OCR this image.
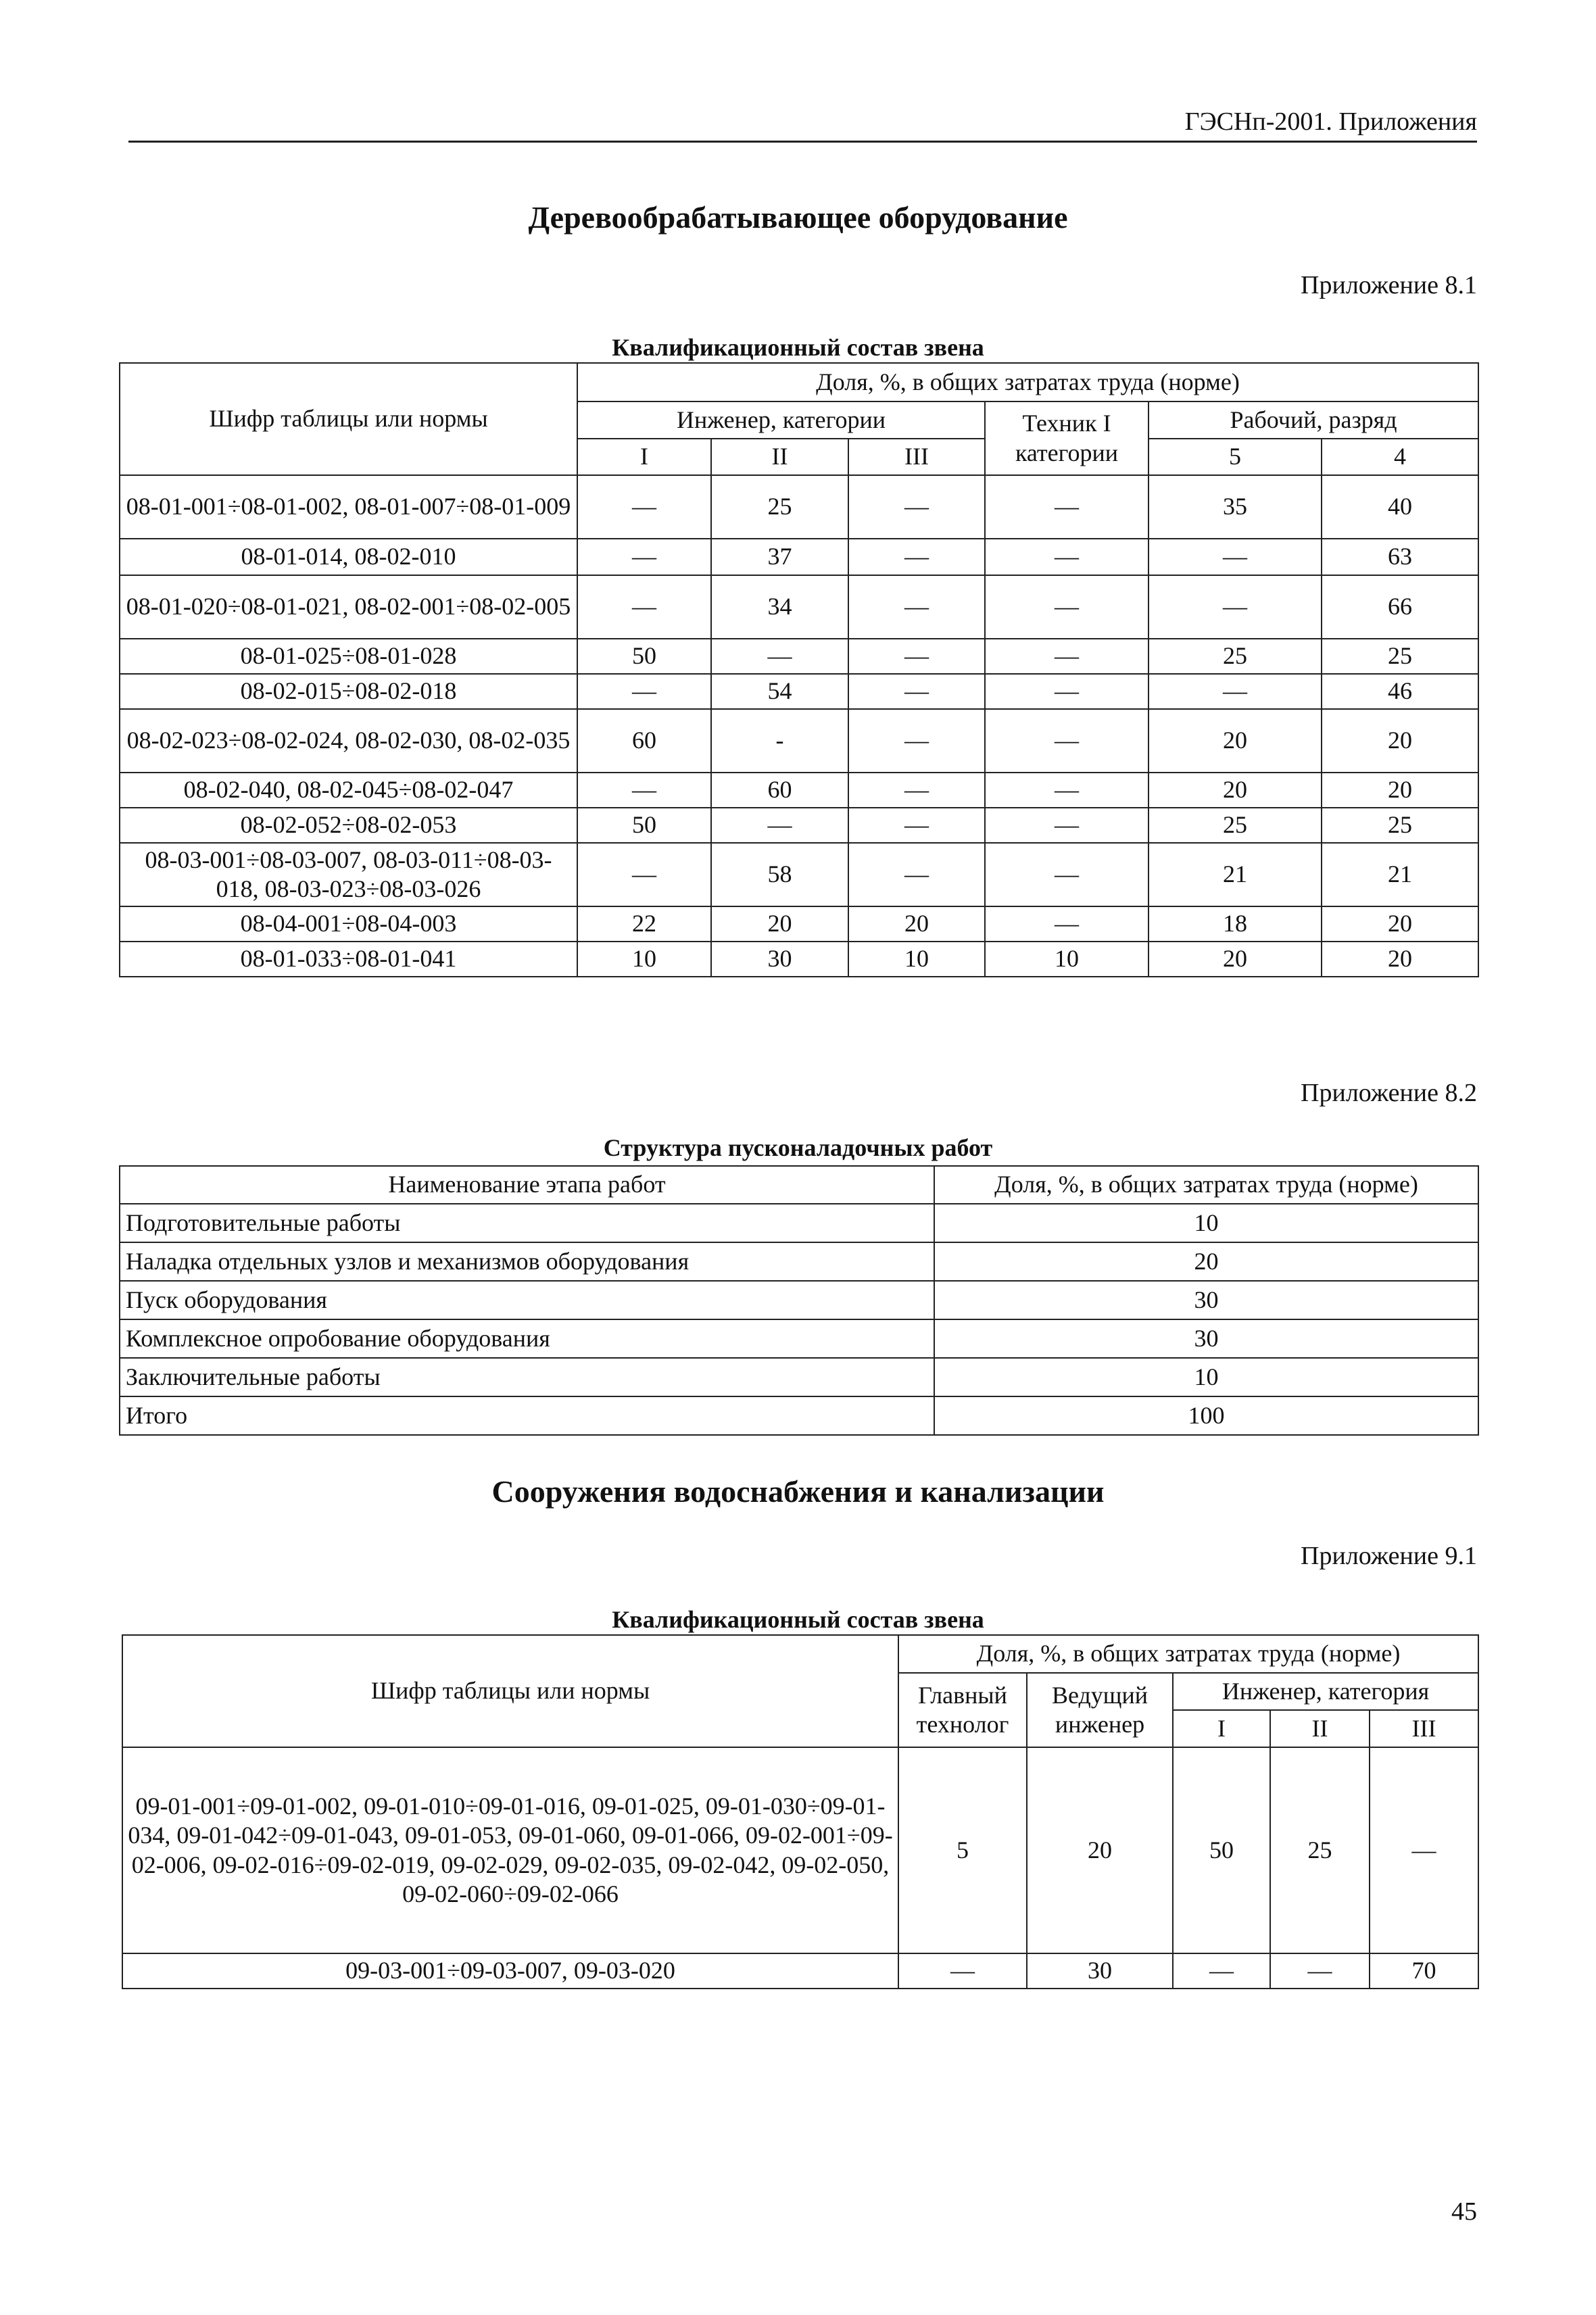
ГЭСНп-2001. Приложения
Деревообрабатывающее оборудование
Приложение 8.1
Квалификационный состав звена
Шифр таблицы или нормы	Доля, %, в общих затратах труда (норме)					
	Инженер, категории			Техник I категории	Рабочий, разряд	
	I	II	III		5	4
08-01-001÷08-01-002, 08-01-007÷08-01-009	—	25	—	—	35	40
08-01-014, 08-02-010	—	37	—	—	—	63
08-01-020÷08-01-021, 08-02-001÷08-02-005	—	34	—	—	—	66
08-01-025÷08-01-028	50	—	—	—	25	25
08-02-015÷08-02-018	—	54	—	—	—	46
08-02-023÷08-02-024, 08-02-030, 08-02-035	60	-	—	—	20	20
08-02-040, 08-02-045÷08-02-047	—	60	—	—	20	20
08-02-052÷08-02-053	50	—	—	—	25	25
08-03-001÷08-03-007, 08-03-011÷08-03-018, 08-03-023÷08-03-026	—	58	—	—	21	21
08-04-001÷08-04-003	22	20	20	—	18	20
08-01-033÷08-01-041	10	30	10	10	20	20
Приложение 8.2
Структура пусконаладочных работ
Наименование этапа работ	Доля, %, в общих затратах труда (норме)
Подготовительные работы	10
Наладка отдельных узлов и механизмов оборудования	20
Пуск оборудования	30
Комплексное опробование оборудования	30
Заключительные работы	10
Итого	100
Сооружения водоснабжения и канализации
Приложение 9.1
Квалификационный состав звена
Шифр таблицы или нормы	Доля, %, в общих затратах труда (норме)				
	Главный технолог	Ведущий инженер	Инженер, категория		
			I	II	III
09-01-001÷09-01-002, 09-01-010÷09-01-016, 09-01-025, 09-01-030÷09-01-034, 09-01-042÷09-01-043, 09-01-053, 09-01-060, 09-01-066, 09-02-001÷09-02-006, 09-02-016÷09-02-019, 09-02-029, 09-02-035, 09-02-042, 09-02-050, 09-02-060÷09-02-066	5	20	50	25	—
09-03-001÷09-03-007, 09-03-020	—	30	—	—	70
45
